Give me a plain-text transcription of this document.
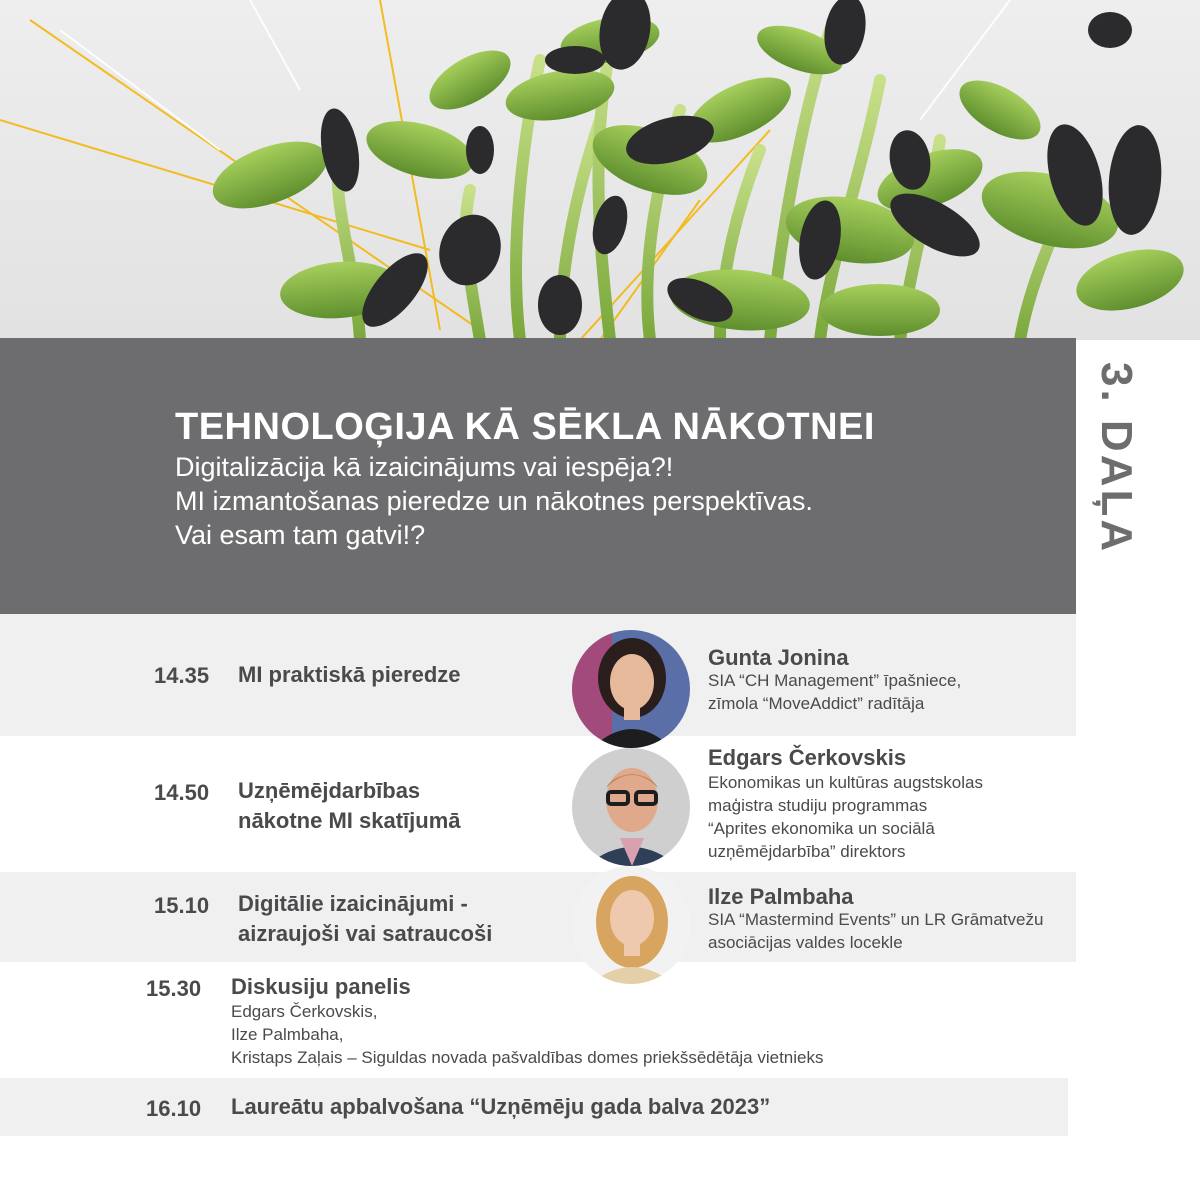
TEHNOLOĢIJA KĀ SĒKLA NĀKOTNEI

Digitalizācija kā izaicinājums vai iespēja?!

MI izmantošanas pieredze un nākotnes perspektīvas.

Vai esam tam gatvi!?	3. DAĻA
14.35 MI praktiskā pieredze
Gunta Jonina
SIA “CH Management” īpašniece,
zīmola “MoveAddict” radītāja
14.50 Uzņēmējdarbības
nākotne MI skatījumā
Edgars Čerkovskis
Ekonomikas un kultūras augstskolas
maģistra studiju programmas
“Aprites ekonomika un sociālā
uzņēmējdarbība” direktors
15.10 Digitālie izaicinājumi -
aizraujoši vai satraucoši
Ilze Palmbaha
SIA “Mastermind Events” un LR Grāmatvežu
asociācijas valdes locekle
15.30 Diskusiju panelis
Edgars Čerkovskis,
Ilze Palmbaha,
Kristaps Zaļais – Siguldas novada pašvaldības domes priekšsēdētāja vietnieks
16.10 Laureātu apbalvošana “Uzņēmēju gada balva 2023”
